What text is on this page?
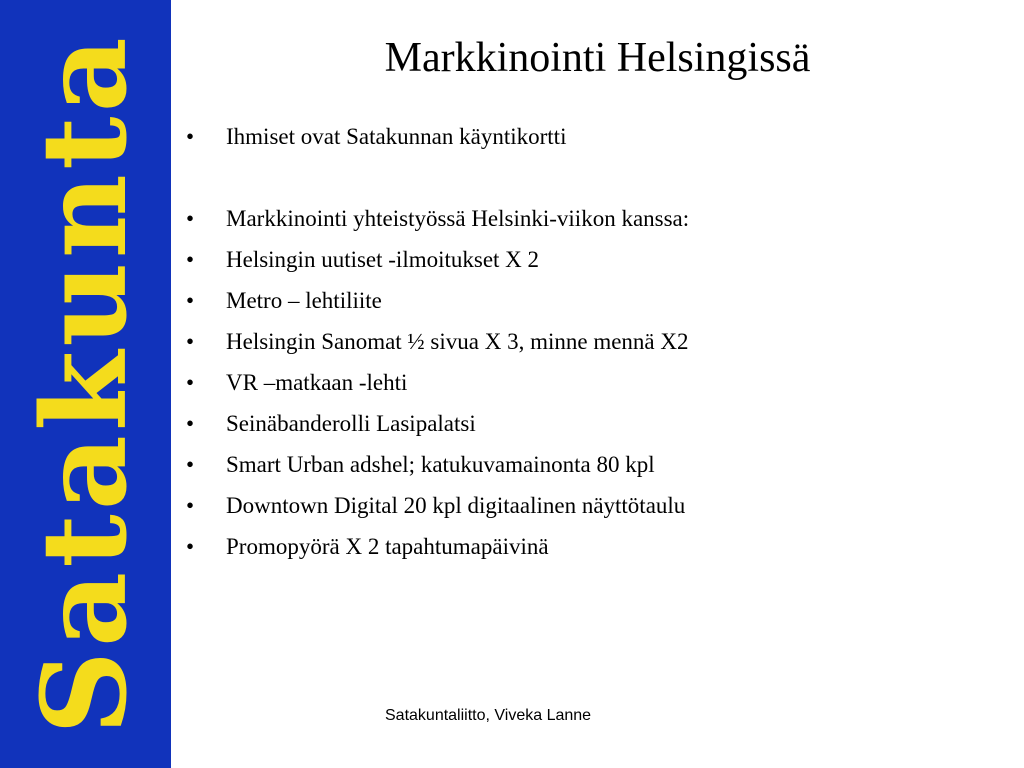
Satakunta	Markkinointi Helsingissä
•	Ihmiset ovat Satakunnan käyntikortti
•	Markkinointi yhteistyössä Helsinki-viikon kanssa:
•	Helsingin uutiset -ilmoitukset X 2
•	Metro – lehtiliite
•	Helsingin Sanomat ½ sivua X 3, minne mennä X2
•	VR –matkaan -lehti
•	Seinäbanderolli Lasipalatsi
•	Smart Urban adshel; katukuvamainonta 80 kpl
•	Downtown Digital 20 kpl digitaalinen näyttötaulu
•	Promopyörä X 2 tapahtumapäivinä
Satakuntaliitto, Viveka Lanne
